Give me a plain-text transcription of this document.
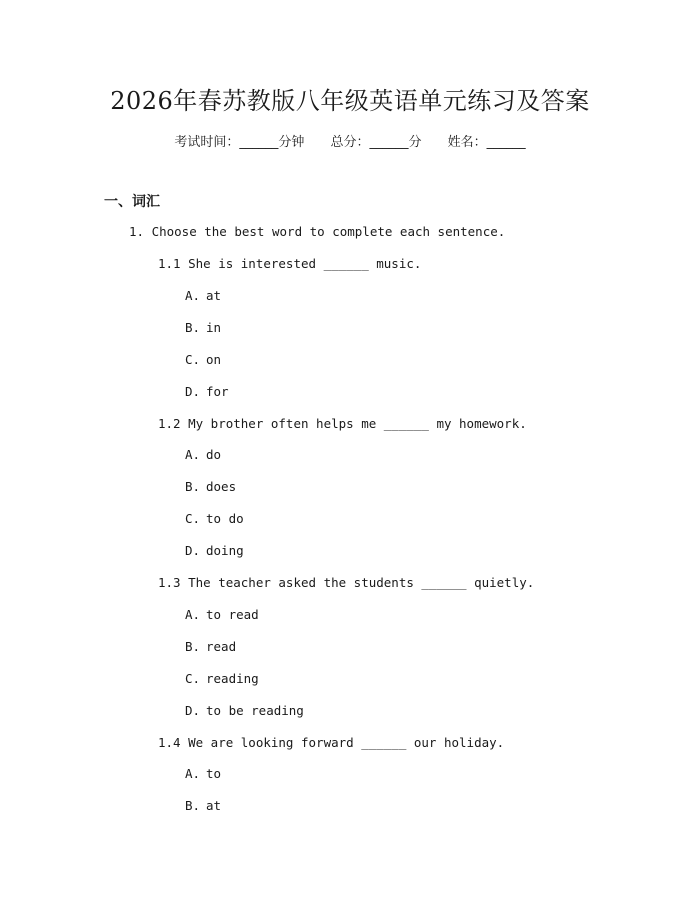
2026年春苏教版八年级英语单元练习及答案
考试时间：______分钟 总分：______分 姓名：______
一、词汇
1. Choose the best word to complete each sentence.
1.1 She is interested ______ music.
A. at
B. in
C. on
D. for
1.2 My brother often helps me ______ my homework.
A. do
B. does
C. to do
D. doing
1.3 The teacher asked the students ______ quietly.
A. to read
B. read
C. reading
D. to be reading
1.4 We are looking forward ______ our holiday.
A. to
B. at
